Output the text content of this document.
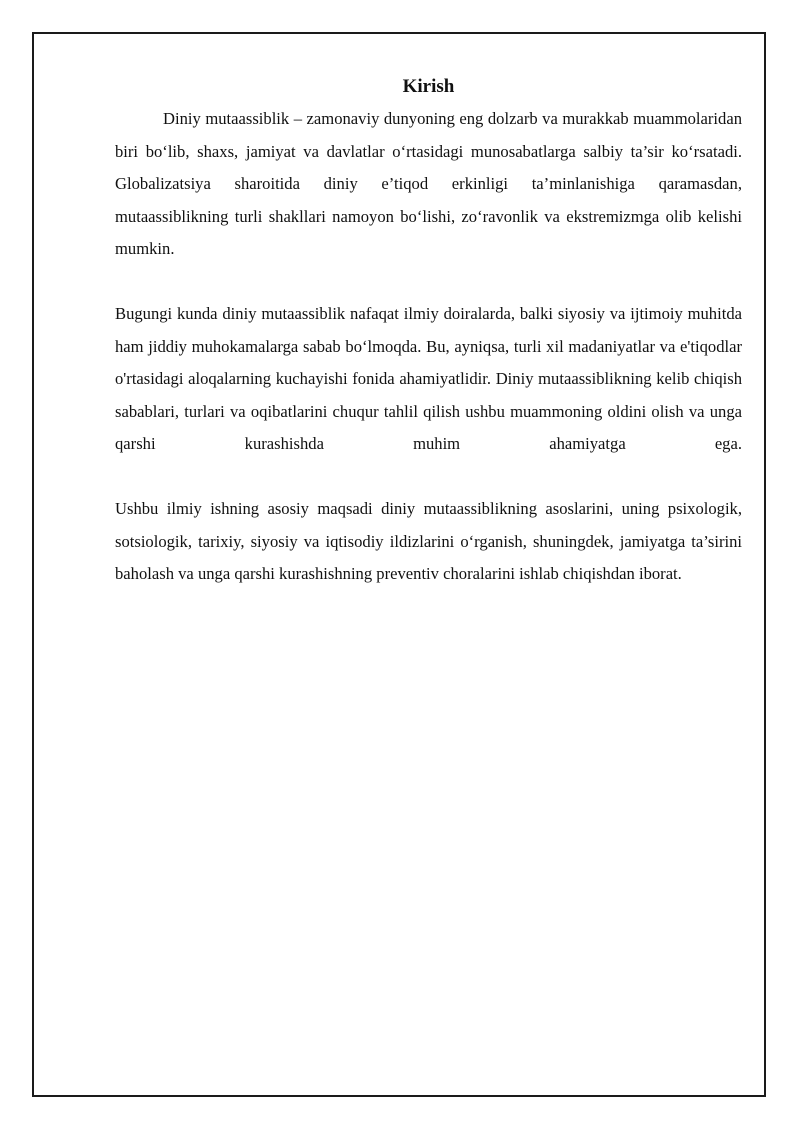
Kirish

Diniy mutaassiblik – zamonaviy dunyoning eng dolzarb va murakkab muammolaridan biri bo‘lib, shaxs, jamiyat va davlatlar o‘rtasidagi munosabatlarga salbiy ta’sir ko‘rsatadi. Globalizatsiya sharoitida diniy e’tiqod erkinligi ta’minlanishiga qaramasdan, mutaassiblikning turli shakllari namoyon bo‘lishi, zo‘ravonlik va ekstremizmga olib kelishi mumkin.

Bugungi kunda diniy mutaassiblik nafaqat ilmiy doiralarda, balki siyosiy va ijtimoiy muhitda ham jiddiy muhokamalarga sabab bo‘lmoqda. Bu, ayniqsa, turli xil madaniyatlar va e'tiqodlar o'rtasidagi aloqalarning kuchayishi fonida ahamiyatlidir. Diniy mutaassiblikning kelib chiqish sabablari, turlari va oqibatlarini chuqur tahlil qilish ushbu muammoning oldini olish va unga qarshi kurashishda muhim ahamiyatga ega.

Ushbu ilmiy ishning asosiy maqsadi diniy mutaassiblikning asoslarini, uning psixologik, sotsiologik, tarixiy, siyosiy va iqtisodiy ildizlarini o‘rganish, shuningdek, jamiyatga ta’sirini baholash va unga qarshi kurashishning preventiv choralarini ishlab chiqishdan iborat.
